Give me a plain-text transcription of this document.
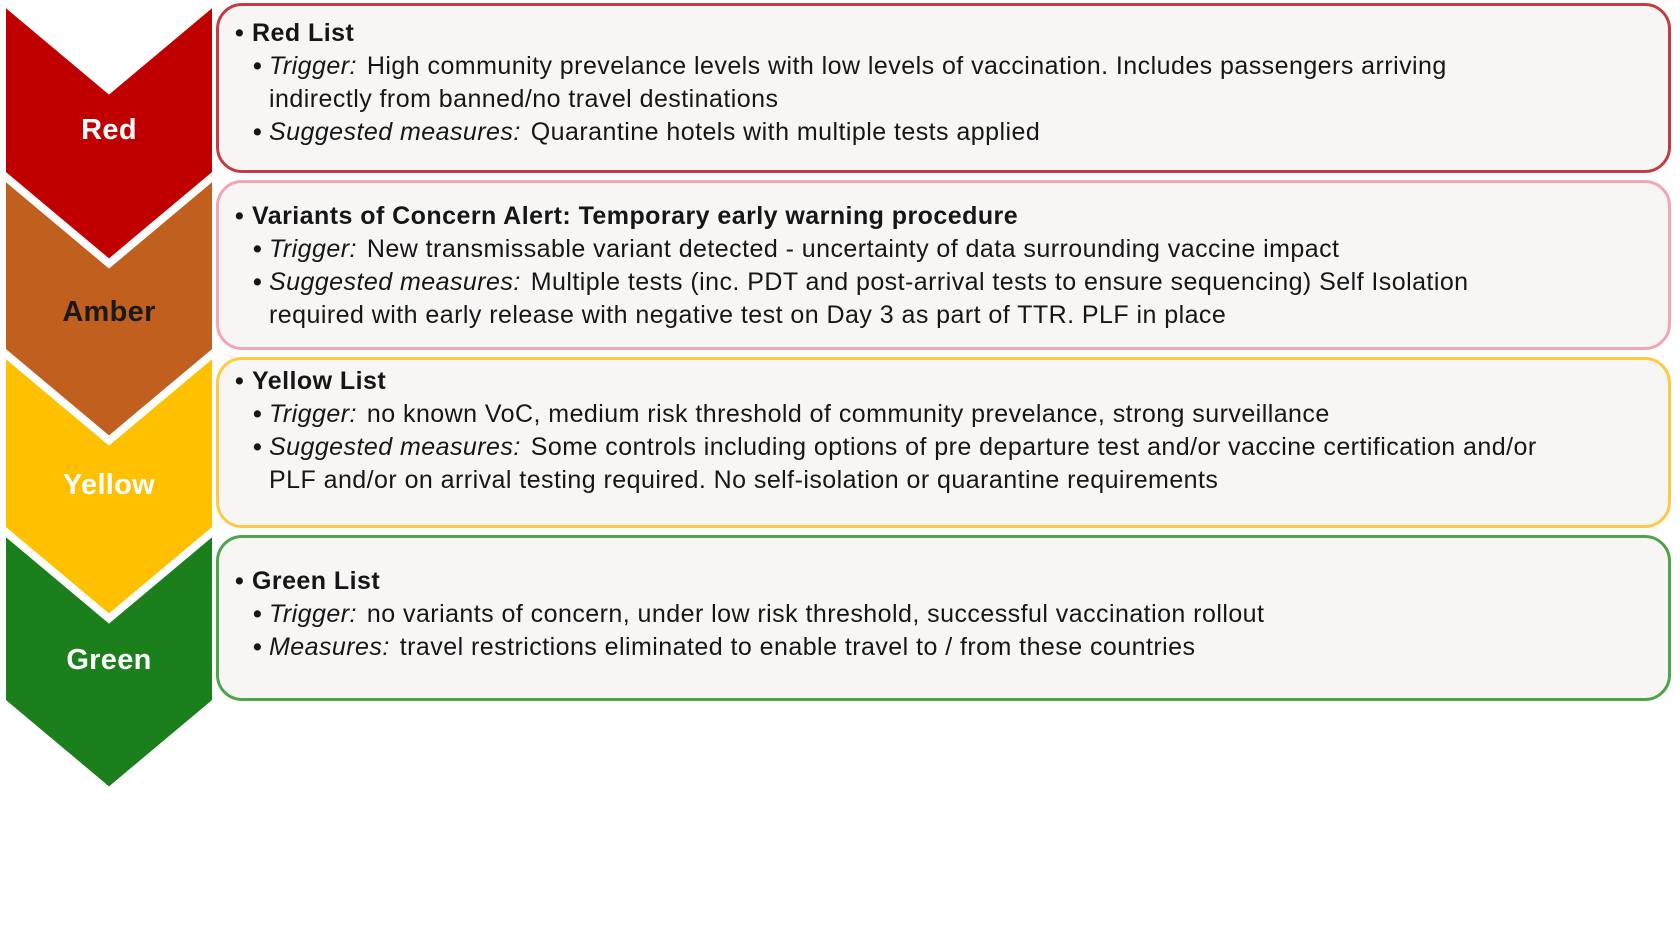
Red
Amber
Yellow
Green
• Red List
• Trigger: High community prevelance levels with low levels of vaccination. Includes passengers arriving indirectly from banned/no travel destinations
• Suggested measures: Quarantine hotels with multiple tests applied
• Variants of Concern Alert: Temporary early warning procedure
• Trigger: New transmissable variant detected - uncertainty of data surrounding vaccine impact
• Suggested measures: Multiple tests (inc. PDT and post-arrival tests to ensure sequencing) Self Isolation required with early release with negative test on Day 3 as part of TTR. PLF in place
• Yellow List
• Trigger: no known VoC, medium risk threshold of community prevelance, strong surveillance
• Suggested measures: Some controls including options of pre departure test and/or vaccine certification and/or PLF and/or on arrival testing required. No self-isolation or quarantine requirements
• Green List
• Trigger: no variants of concern, under low risk threshold, successful vaccination rollout
• Measures: travel restrictions eliminated to enable travel to / from these countries
